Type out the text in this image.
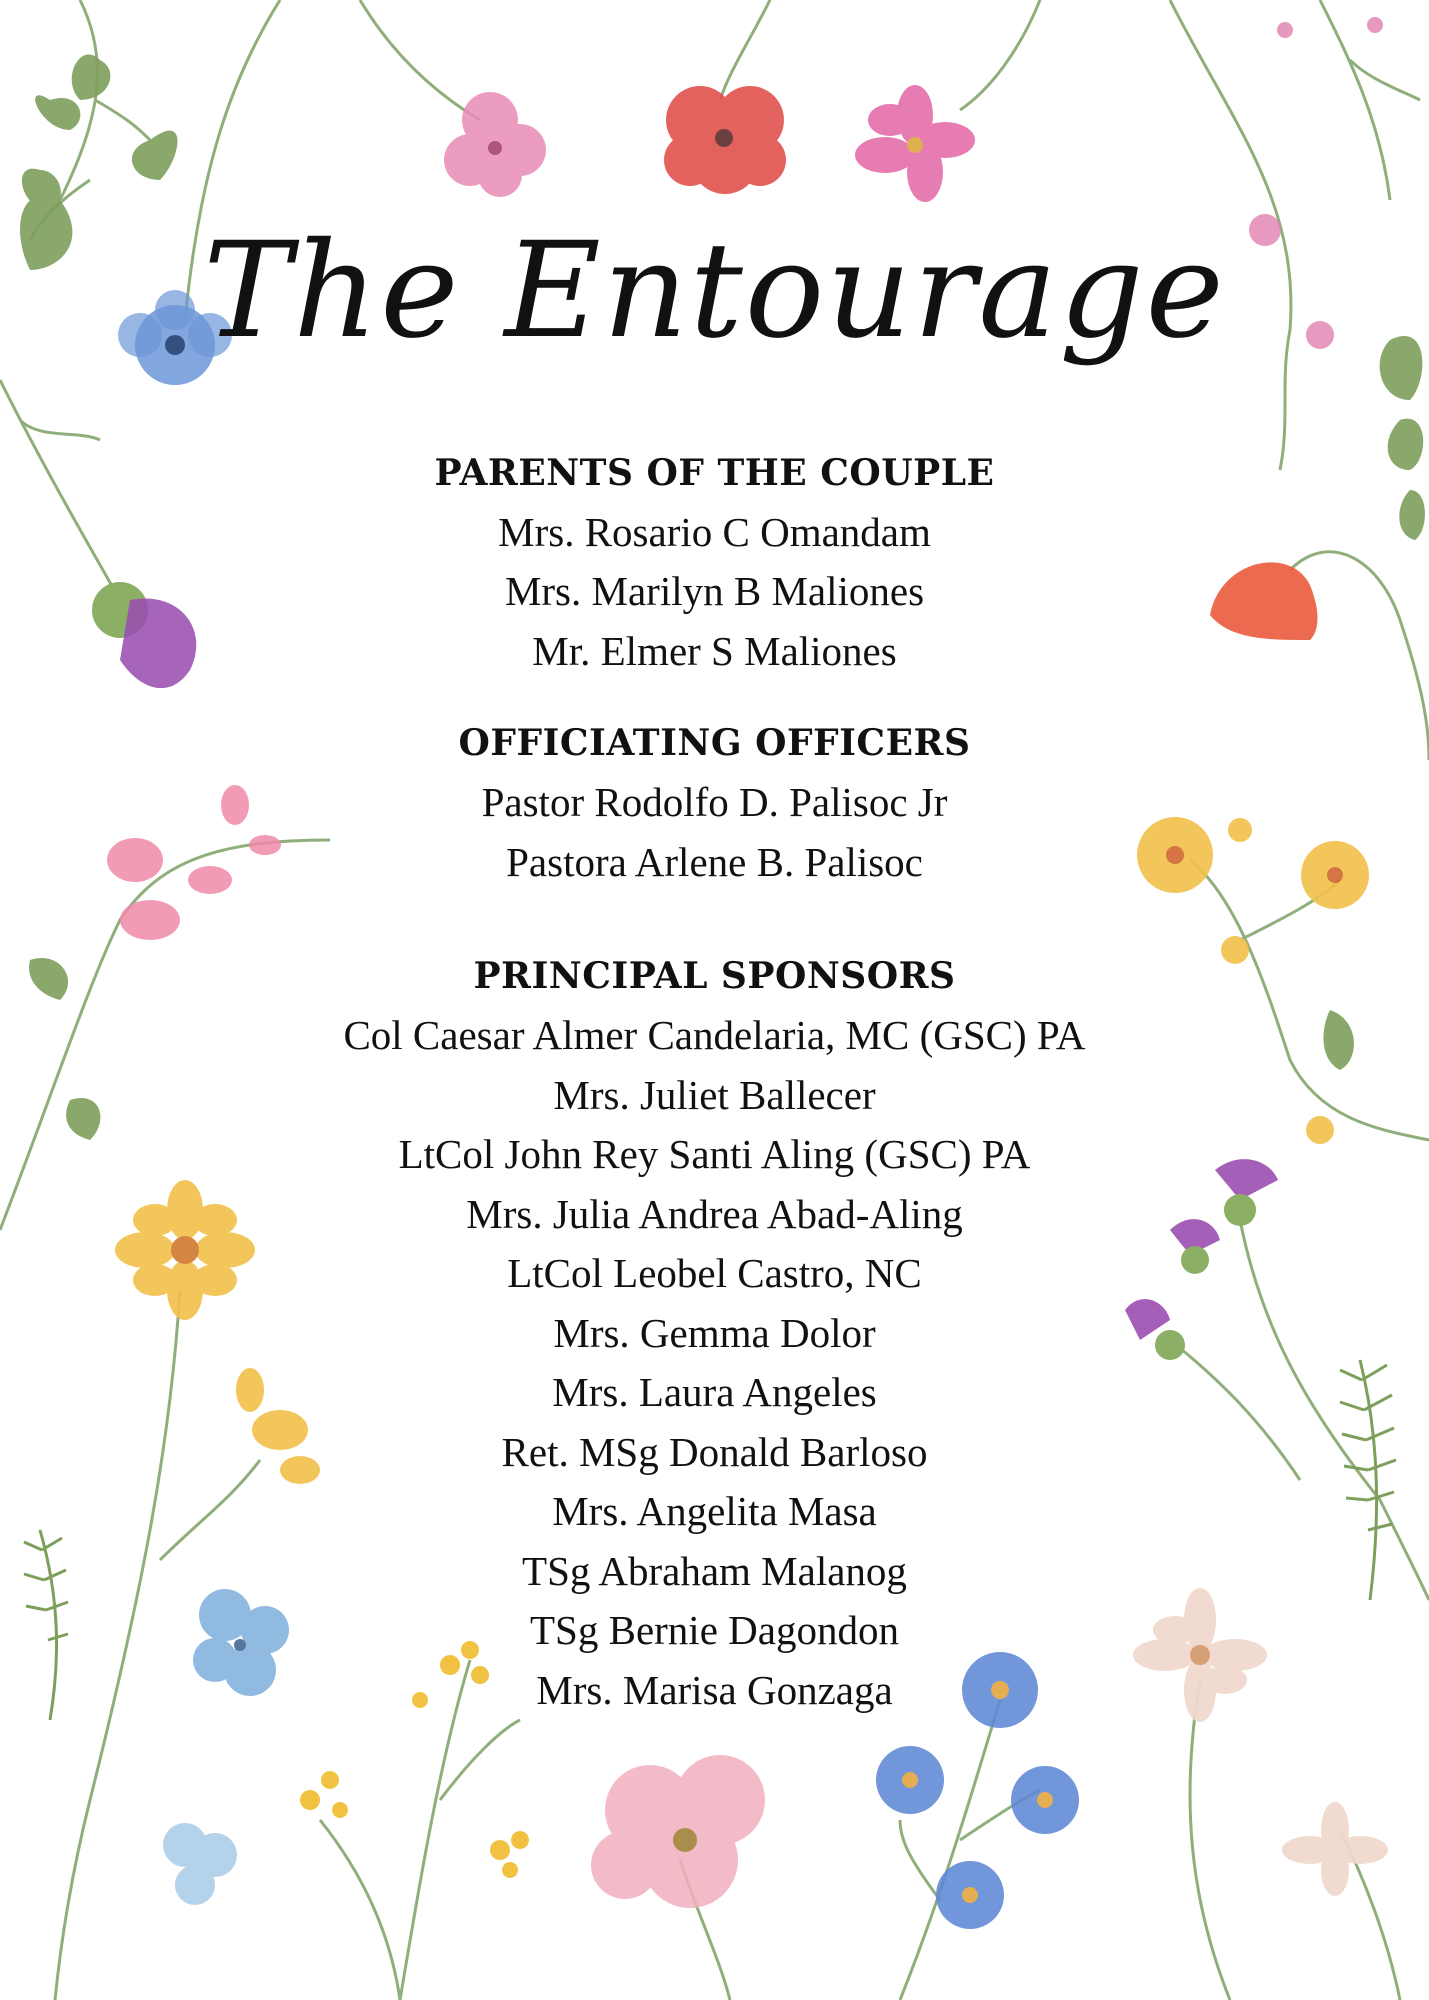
The Entourage
PARENTS OF THE COUPLE
Mrs. Rosario C Omandam
Mrs. Marilyn B Maliones
Mr. Elmer S Maliones
OFFICIATING OFFICERS
Pastor Rodolfo D. Palisoc Jr
Pastora Arlene B. Palisoc
PRINCIPAL SPONSORS
Col Caesar Almer Candelaria, MC (GSC) PA
Mrs. Juliet Ballecer
LtCol John Rey Santi Aling (GSC) PA
Mrs. Julia Andrea Abad-Aling
LtCol Leobel Castro, NC
Mrs. Gemma Dolor
Mrs. Laura Angeles
Ret. MSg Donald Barloso
Mrs. Angelita Masa
TSg Abraham Malanog
TSg Bernie Dagondon
Mrs. Marisa Gonzaga
